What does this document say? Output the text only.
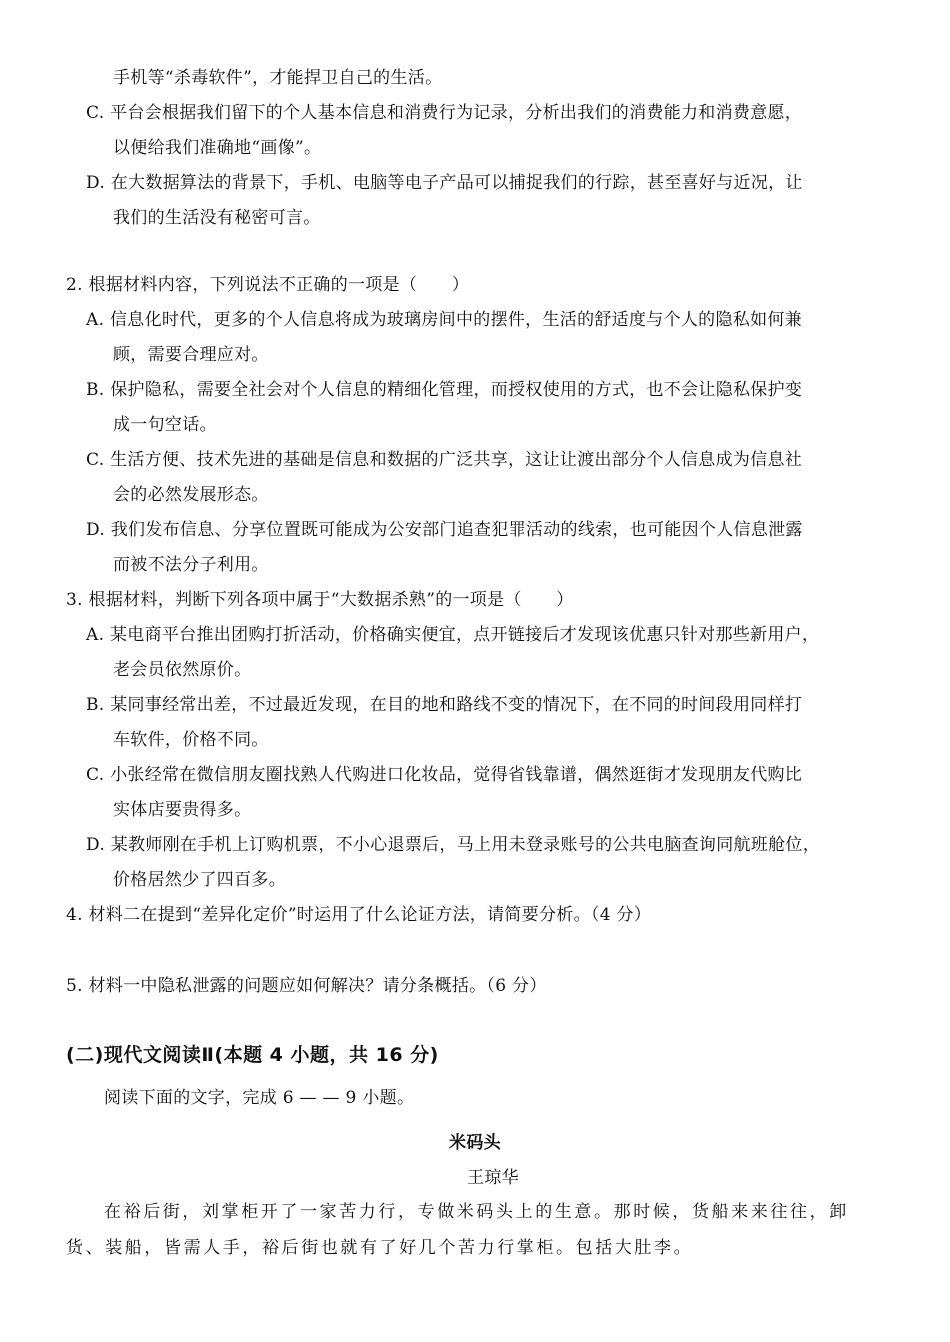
手机等“杀毒软件”，才能捍卫自己的生活。
C. 平台会根据我们留下的个人基本信息和消费行为记录，分析出我们的消费能力和消费意愿，
以便给我们准确地“画像”。
D. 在大数据算法的背景下，手机、电脑等电子产品可以捕捉我们的行踪，甚至喜好与近况，让
我们的生活没有秘密可言。
2. 根据材料内容，下列说法不正确的一项是（　　）
A. 信息化时代，更多的个人信息将成为玻璃房间中的摆件，生活的舒适度与个人的隐私如何兼
顾，需要合理应对。
B. 保护隐私，需要全社会对个人信息的精细化管理，而授权使用的方式，也不会让隐私保护变
成一句空话。
C. 生活方便、技术先进的基础是信息和数据的广泛共享，这让让渡出部分个人信息成为信息社
会的必然发展形态。
D. 我们发布信息、分享位置既可能成为公安部门追查犯罪活动的线索，也可能因个人信息泄露
而被不法分子利用。
3. 根据材料，判断下列各项中属于“大数据杀熟”的一项是（　　）
A. 某电商平台推出团购打折活动，价格确实便宜，点开链接后才发现该优惠只针对那些新用户，
老会员依然原价。
B. 某同事经常出差，不过最近发现，在目的地和路线不变的情况下，在不同的时间段用同样打
车软件，价格不同。
C. 小张经常在微信朋友圈找熟人代购进口化妆品，觉得省钱靠谱，偶然逛街才发现朋友代购比
实体店要贵得多。
D. 某教师刚在手机上订购机票，不小心退票后，马上用未登录账号的公共电脑查询同航班舱位，
价格居然少了四百多。
4. 材料二在提到“差异化定价”时运用了什么论证方法，请简要分析。（4 分）
5. 材料一中隐私泄露的问题应如何解决？请分条概括。（6 分）
(二)现代文阅读Ⅱ(本题 4 小题，共 16 分)
阅读下面的文字，完成 6 — — 9 小题。
米码头
王琼华
在裕后街，刘掌柜开了一家苦力行，专做米码头上的生意。那时候，货船来来往往，卸
货、装船，皆需人手，裕后街也就有了好几个苦力行掌柜。包括大肚李。
